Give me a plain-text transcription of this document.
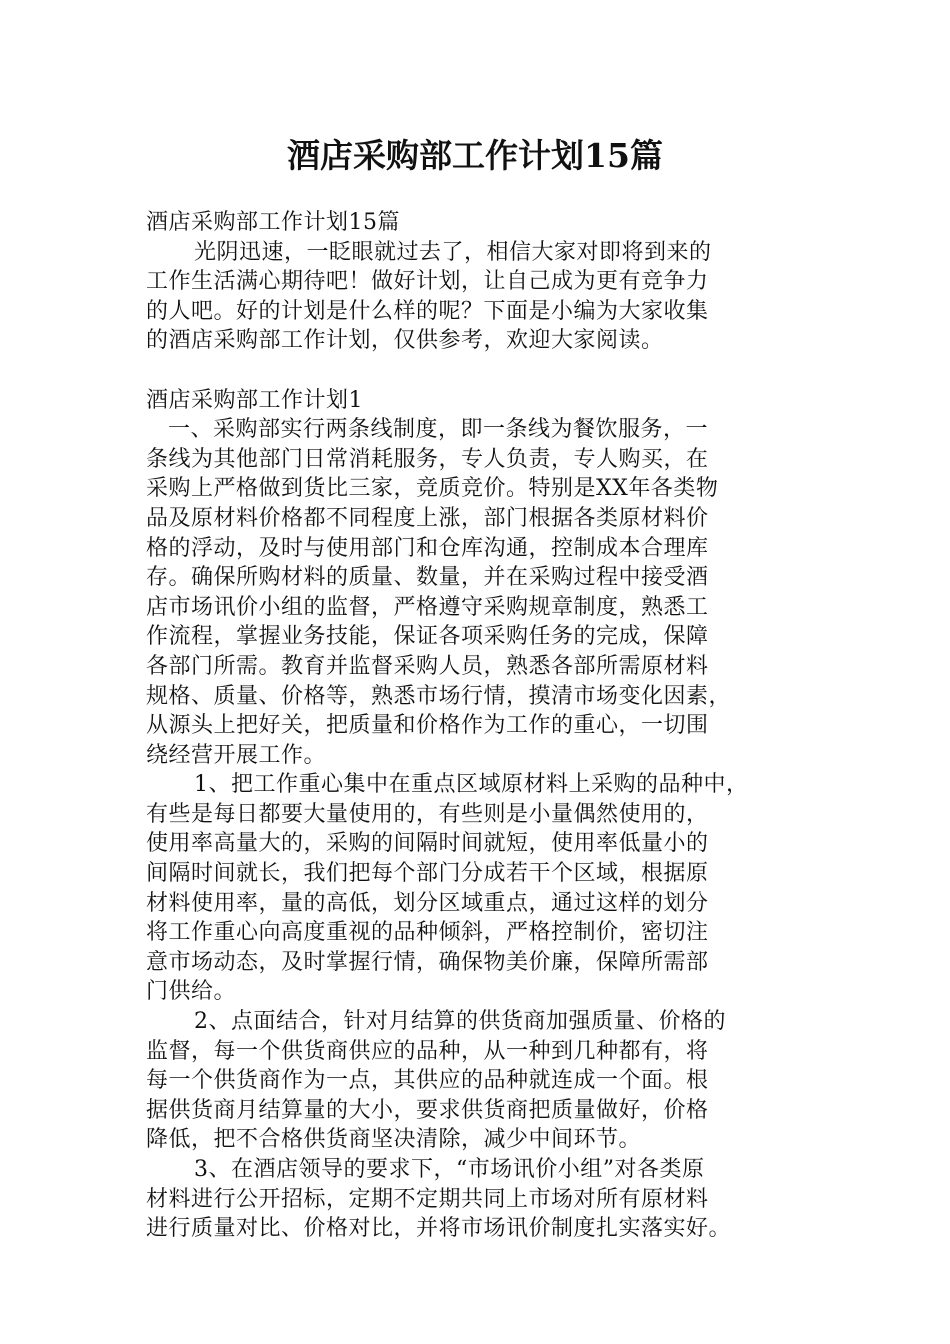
酒店采购部工作计划15篇
酒店采购部工作计划15篇
光阴迅速，一眨眼就过去了，相信大家对即将到来的
工作生活满心期待吧！做好计划，让自己成为更有竞争力
的人吧。好的计划是什么样的呢？下面是小编为大家收集
的酒店采购部工作计划，仅供参考，欢迎大家阅读。
酒店采购部工作计划1
一、采购部实行两条线制度，即一条线为餐饮服务，一
条线为其他部门日常消耗服务，专人负责，专人购买，在
采购上严格做到货比三家，竞质竞价。特别是XX年各类物
品及原材料价格都不同程度上涨，部门根据各类原材料价
格的浮动，及时与使用部门和仓库沟通，控制成本合理库
存。确保所购材料的质量、数量，并在采购过程中接受酒
店市场讯价小组的监督，严格遵守采购规章制度，熟悉工
作流程，掌握业务技能，保证各项采购任务的完成，保障
各部门所需。教育并监督采购人员，熟悉各部所需原材料
规格、质量、价格等，熟悉市场行情，摸清市场变化因素，
从源头上把好关，把质量和价格作为工作的重心，一切围
绕经营开展工作。
1、把工作重心集中在重点区域原材料上采购的品种中，
有些是每日都要大量使用的，有些则是小量偶然使用的，
使用率高量大的，采购的间隔时间就短，使用率低量小的
间隔时间就长，我们把每个部门分成若干个区域，根据原
材料使用率，量的高低，划分区域重点，通过这样的划分
将工作重心向高度重视的品种倾斜，严格控制价，密切注
意市场动态，及时掌握行情，确保物美价廉，保障所需部
门供给。
2、点面结合，针对月结算的供货商加强质量、价格的
监督，每一个供货商供应的品种，从一种到几种都有，将
每一个供货商作为一点，其供应的品种就连成一个面。根
据供货商月结算量的大小，要求供货商把质量做好，价格
降低，把不合格供货商坚决清除，减少中间环节。
3、在酒店领导的要求下，“市场讯价小组”对各类原
材料进行公开招标，定期不定期共同上市场对所有原材料
进行质量对比、价格对比，并将市场讯价制度扎实落实好。
